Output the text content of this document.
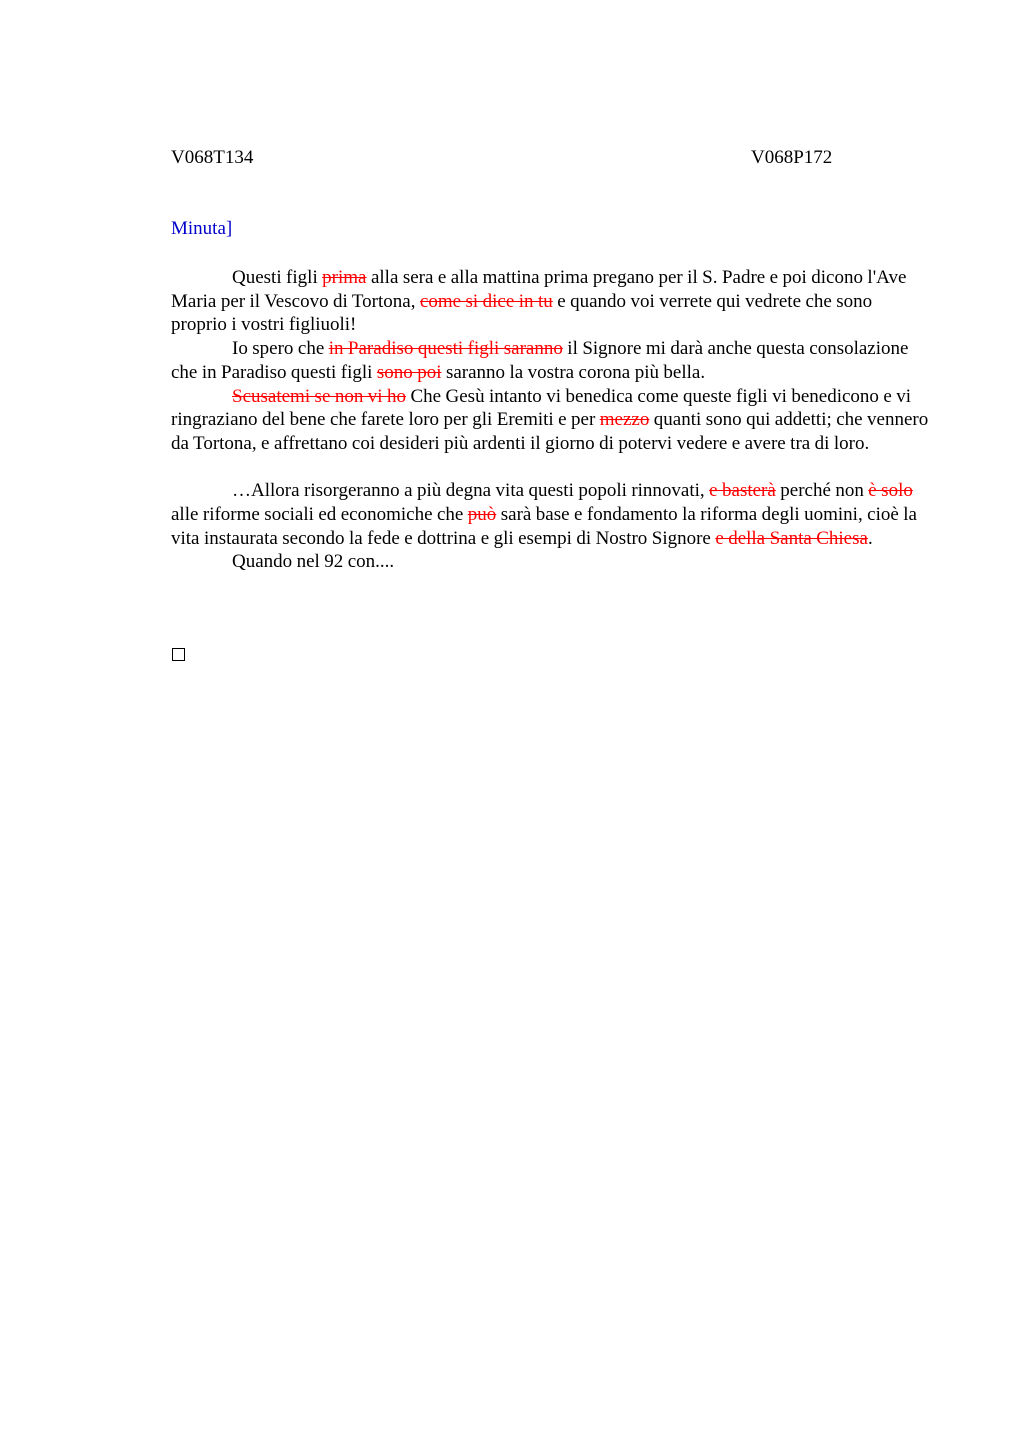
V068T134	V068P172
Minuta]

Questi figli prima alla sera e alla mattina prima pregano per il S. Padre e poi dicono l'Ave Maria per il Vescovo di Tortona, come si dice in tu e quando voi verrete qui vedrete che sono proprio i vostri figliuoli!

Io spero che in Paradiso questi figli saranno il Signore mi darà anche questa consolazione che in Paradiso questi figli sono poi saranno la vostra corona più bella.

Scusatemi se non vi ho Che Gesù intanto vi benedica come queste figli vi benedicono e vi ringraziano del bene che farete loro per gli Eremiti e per mezzo quanti sono qui addetti; che vennero da Tortona, e affrettano coi desideri più ardenti il giorno di potervi vedere e avere tra di loro.

…Allora risorgeranno a più degna vita questi popoli rinnovati, e basterà perché non è solo alle riforme sociali ed economiche che può sarà base e fondamento la riforma degli uomini, cioè la vita instaurata secondo la fede e dottrina e gli esempi di Nostro Signore e della Santa Chiesa.

Quando nel 92 con....
